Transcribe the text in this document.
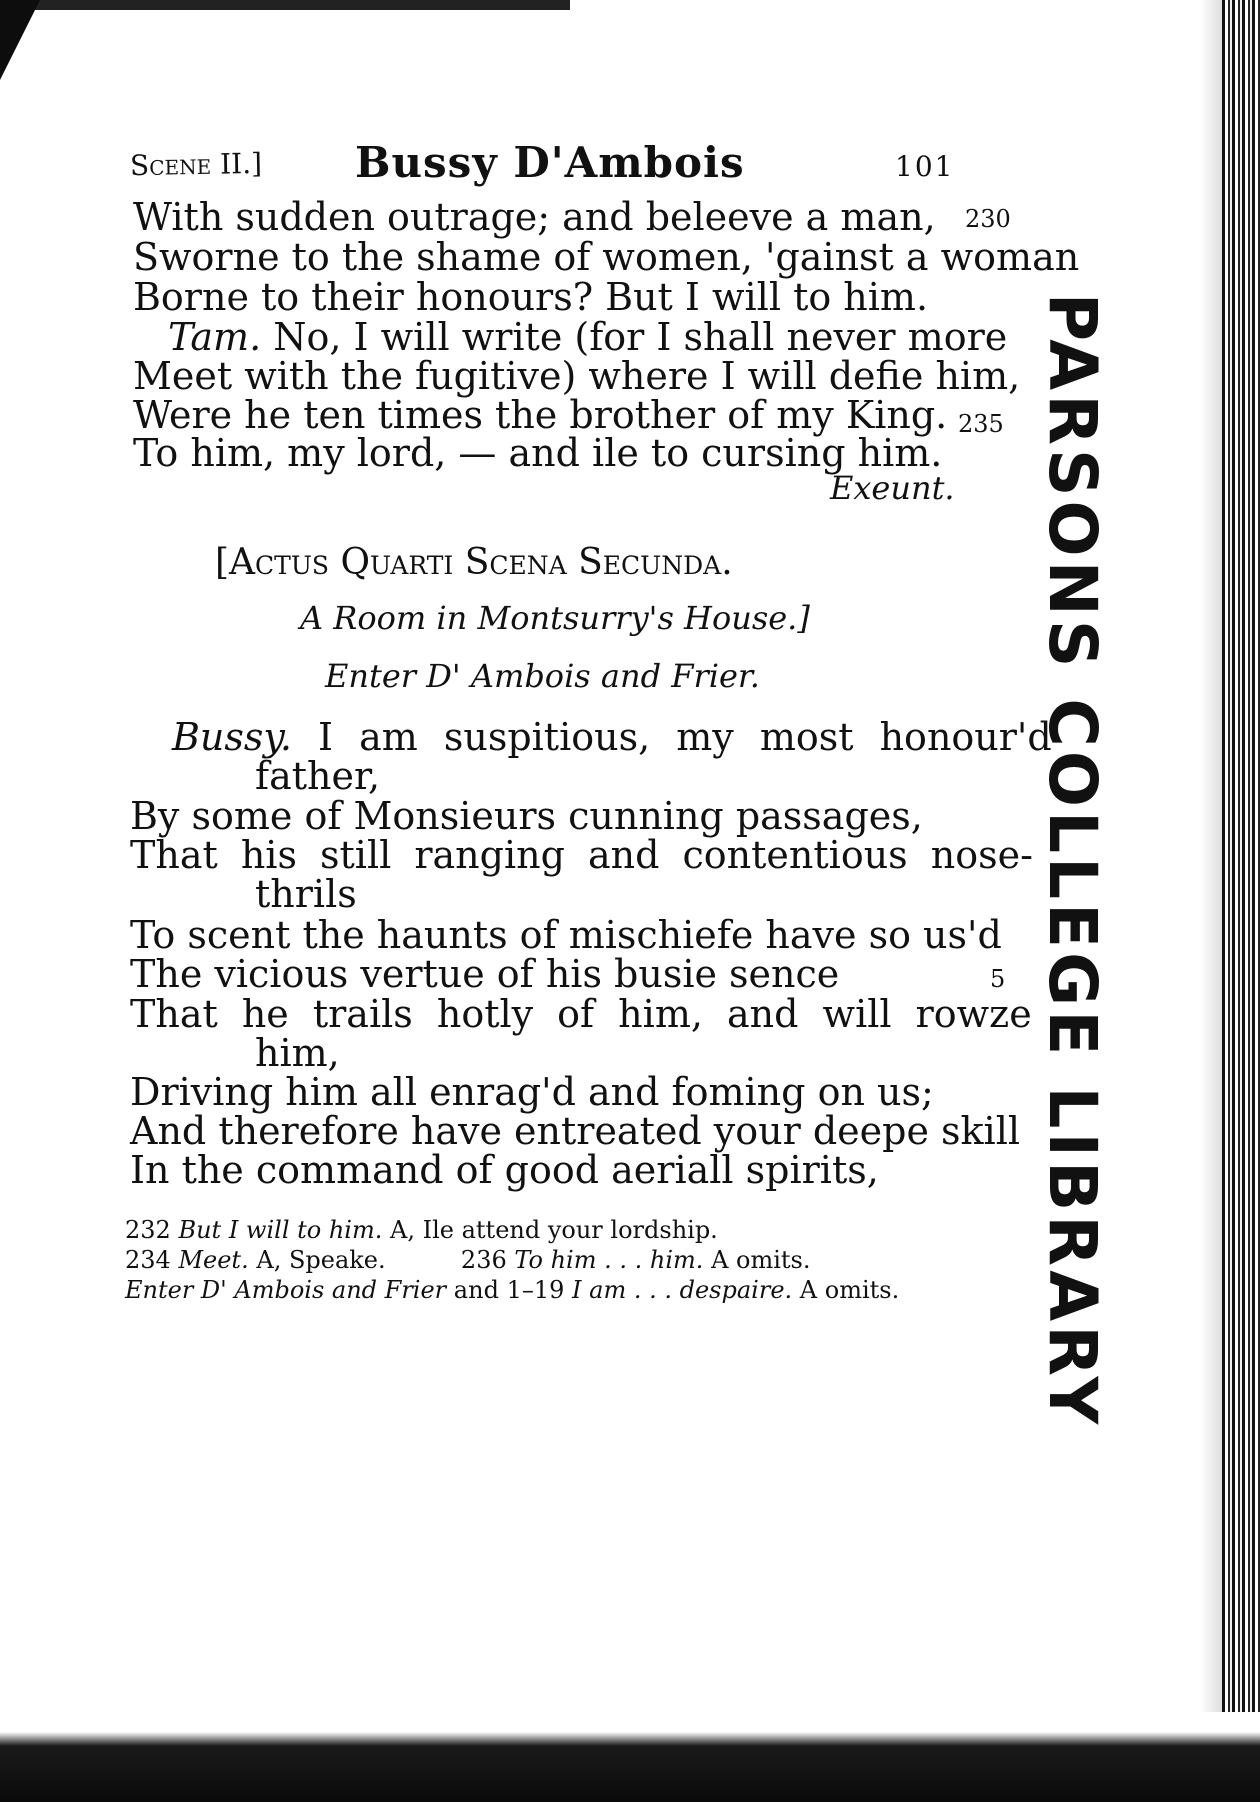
Scene II.] Bussy D'Ambois	101
With sudden outrage; and beleeve a man, 230
Sworne to the shame of women, 'gainst a woman
Borne to their honours? But I will to him.
Tam. No, I will write (for I shall never more
Meet with the fugitive) where I will defie him,
Were he ten times the brother of my King. 235
To him, my lord, — and ile to cursing him.
Exeunt.
[Actus Quarti Scena Secunda.
A Room in Montsurry's House.]
Enter D' Ambois and Frier.
Bussy. I am suspitious, my most honour'd
father,
By some of Monsieurs cunning passages,
That his still ranging and contentious nose-
thrils
To scent the haunts of mischiefe have so us'd
The vicious vertue of his busie sence	5
That he trails hotly of him, and will rowze
him,
Driving him all enrag'd and foming on us;
And therefore have entreated your deepe skill
In the command of good aeriall spirits,
232 But I will to him. A, Ile attend your lordship.
234 Meet. A, Speake.	236 To him . . . him. A omits.
Enter D' Ambois and Frier and 1–19 I am . . . despaire. A omits. PARSONS COLLEGE LIBRARY
